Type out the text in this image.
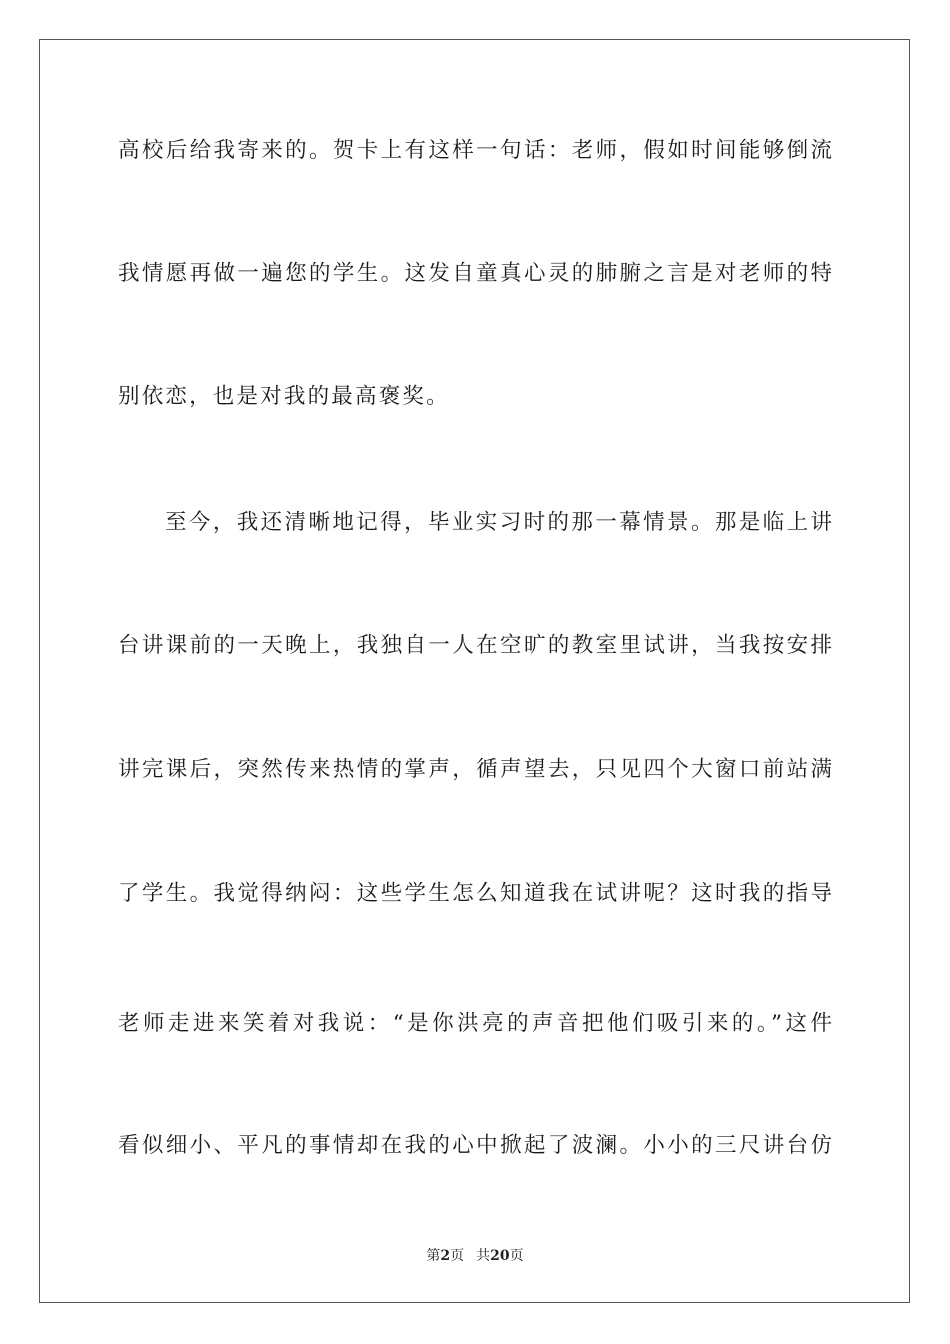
高校后给我寄来的。贺卡上有这样一句话：老师，假如时间能够倒流
我情愿再做一遍您的学生。这发自童真心灵的肺腑之言是对老师的特
别依恋，也是对我的最高褒奖。
至今，我还清晰地记得，毕业实习时的那一幕情景。那是临上讲
台讲课前的一天晚上，我独自一人在空旷的教室里试讲，当我按安排
讲完课后，突然传来热情的掌声，循声望去，只见四个大窗口前站满
了学生。我觉得纳闷：这些学生怎么知道我在试讲呢？这时我的指导
老师走进来笑着对我说：“是你洪亮的声音把他们吸引来的。”这件
看似细小、平凡的事情却在我的心中掀起了波澜。小小的三尺讲台仿
第2页 共20页
